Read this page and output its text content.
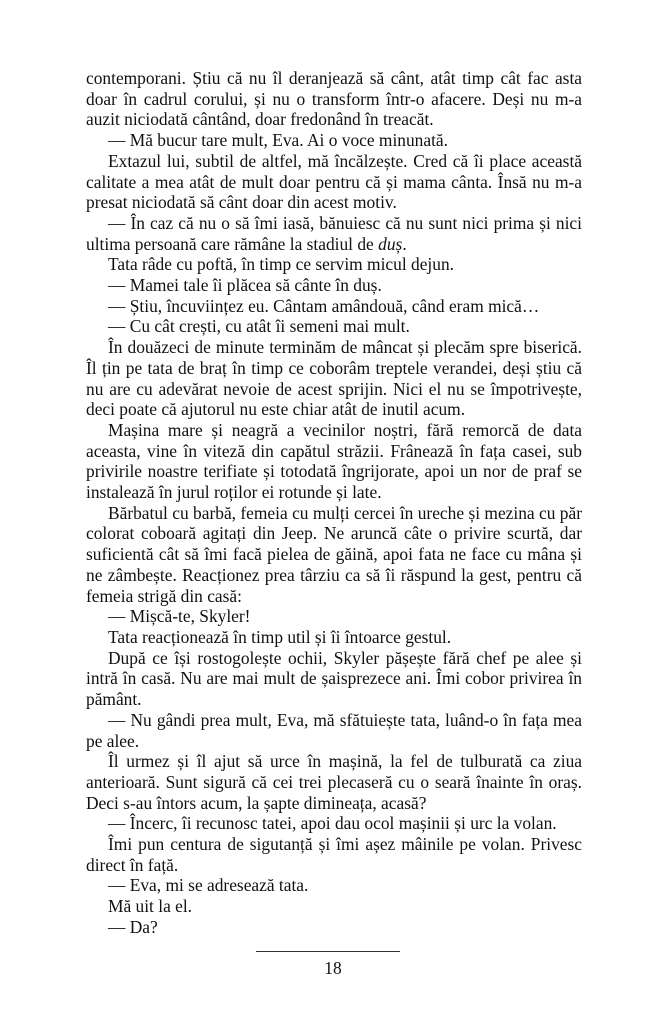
contemporani. Știu că nu îl deranjează să cânt, atât timp cât fac asta doar în cadrul corului, și nu o transform într-o afacere. Deși nu m-a auzit niciodată cântând, doar fredonând în treacăt.

— Mă bucur tare mult, Eva. Ai o voce minunată.

Extazul lui, subtil de altfel, mă încălzește. Cred că îi place această calitate a mea atât de mult doar pentru că și mama cânta. Însă nu m-a presat niciodată să cânt doar din acest motiv.

— În caz că nu o să îmi iasă, bănuiesc că nu sunt nici prima și nici ultima persoană care rămâne la stadiul de duș.

Tata râde cu poftă, în timp ce servim micul dejun.

— Mamei tale îi plăcea să cânte în duș.

— Știu, încuviințez eu. Cântam amândouă, când eram mică…

— Cu cât crești, cu atât îi semeni mai mult.

În douăzeci de minute terminăm de mâncat și plecăm spre biserică. Îl țin pe tata de braț în timp ce coborâm treptele verandei, deși știu că nu are cu adevărat nevoie de acest sprijin. Nici el nu se împotrivește, deci poate că ajutorul nu este chiar atât de inutil acum.

Mașina mare și neagră a vecinilor noștri, fără remorcă de data aceasta, vine în viteză din capătul străzii. Frânează în fața casei, sub privirile noastre terifiate și totodată îngrijorate, apoi un nor de praf se instalează în jurul roților ei rotunde și late.

Bărbatul cu barbă, femeia cu mulți cercei în ureche și mezina cu păr colorat coboară agitați din Jeep. Ne aruncă câte o privire scurtă, dar suficientă cât să îmi facă pielea de găină, apoi fata ne face cu mâna și ne zâmbește. Reacționez prea târziu ca să îi răspund la gest, pentru că femeia strigă din casă:

— Mișcă-te, Skyler!

Tata reacționează în timp util și îi întoarce gestul.

După ce își rostogolește ochii, Skyler pășește fără chef pe alee și intră în casă. Nu are mai mult de șaisprezece ani. Îmi cobor privirea în pământ.

— Nu gândi prea mult, Eva, mă sfătuiește tata, luând-o în fața mea pe alee.

Îl urmez și îl ajut să urce în mașină, la fel de tulburată ca ziua anterioară. Sunt sigură că cei trei plecaseră cu o seară înainte în oraș. Deci s-au întors acum, la șapte dimineața, acasă?

— Încerc, îi recunosc tatei, apoi dau ocol mașinii și urc la volan.

Îmi pun centura de sigutanță și îmi așez mâinile pe volan. Privesc direct în față.

— Eva, mi se adresează tata.

Mă uit la el.

— Da?

18
